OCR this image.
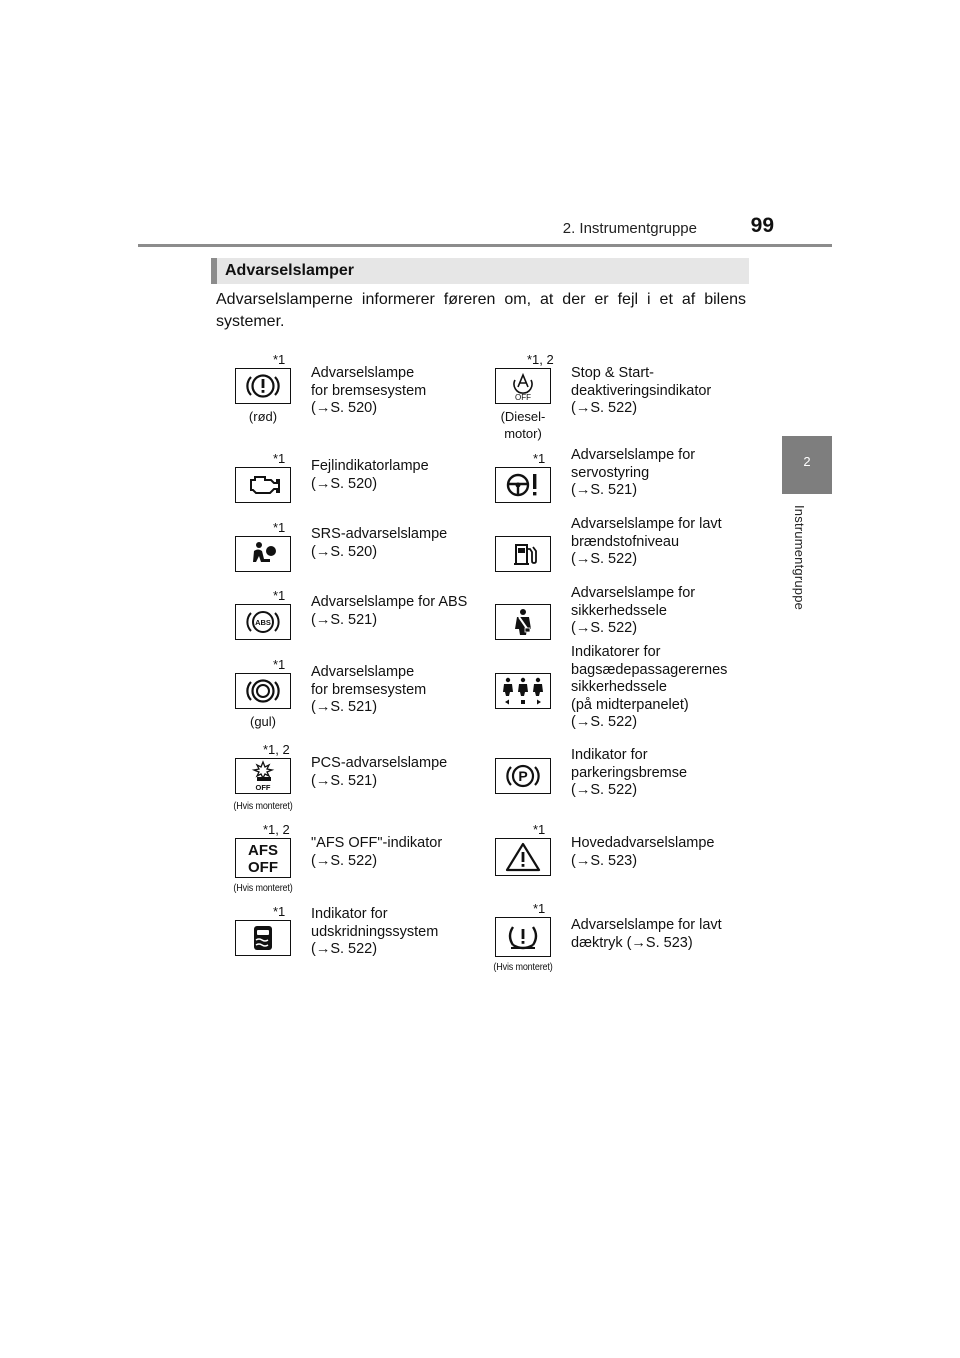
2. Instrumentgruppe	99
2
Instrumentgruppe
Advarselslamper
Advarselslamperne informerer føreren om, at der er fejl i et af bilens systemer.
*1
(rød)
Advarselslampe
for bremsesystem
(→S. 520)
*1 Fejlindikatorlampe
(→S. 520)
*1 SRS-advarselslampe
(→S. 520)
*1
ABS
Advarselslampe for ABS
(→S. 521)
*1
(gul)
Advarselslampe
for bremsesystem
(→S. 521)
*1, 2
OFF
(Hvis monteret)
PCS-advarselslampe
(→S. 521)
*1, 2
AFS
OFF
(Hvis monteret)
"AFS OFF"-indikator
(→S. 522)
*1 Indikator for
udskridningssystem
(→S. 522)
*1, 2
OFF
(Diesel-
motor)
Stop & Start-
deaktiveringsindikator
(→S. 522)
*1 Advarselslampe for
servostyring
(→S. 521)
Advarselslampe for lavt
brændstofniveau
(→S. 522)
Advarselslampe for
sikkerhedssele
(→S. 522)
Indikatorer for
bagsædepassagerernes
sikkerhedssele
(på midterpanelet)
(→S. 522)
P
Indikator for
parkeringsbremse
(→S. 522)
*1
Hovedadvarselslampe
(→S. 523)
*1
(Hvis monteret)
Advarselslampe for lavt
dæktryk (→S. 523)
